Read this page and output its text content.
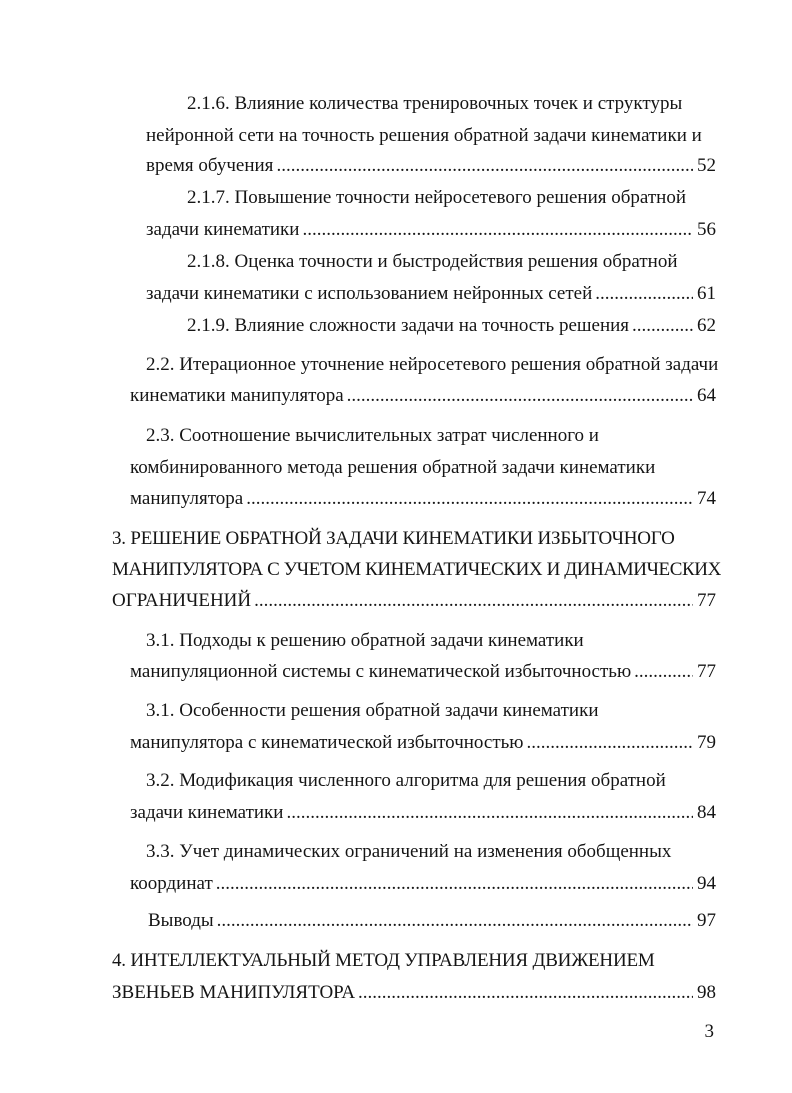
2.1.6. Влияние количества тренировочных точек и структуры
нейронной сети на точность решения обратной задачи кинематики и
время обучения .....	52
2.1.7. Повышение точности нейросетевого решения обратной
задачи кинематики .....	56
2.1.8. Оценка точности и быстродействия решения обратной
задачи кинематики с использованием нейронных сетей .....	61
2.1.9. Влияние сложности задачи на точность решения .....	62
2.2. Итерационное уточнение нейросетевого решения обратной задачи
кинематики манипулятора .....	64
2.3. Соотношение вычислительных затрат численного и
комбинированного метода решения обратной задачи кинематики
манипулятора .....	74
3. РЕШЕНИЕ ОБРАТНОЙ ЗАДАЧИ КИНЕМАТИКИ ИЗБЫТОЧНОГО
МАНИПУЛЯТОРА С УЧЕТОМ КИНЕМАТИЧЕСКИХ И ДИНАМИЧЕСКИХ
ОГРАНИЧЕНИЙ .....	77
3.1. Подходы к решению обратной задачи кинематики
манипуляционной системы с кинематической избыточностью .....	77
3.1. Особенности решения обратной задачи кинематики
манипулятора с кинематической избыточностью .....	79
3.2. Модификация численного алгоритма для решения обратной
задачи кинематики .....	84
3.3. Учет динамических ограничений на изменения обобщенных
координат .....	94
Выводы .....	97
4. ИНТЕЛЛЕКТУАЛЬНЫЙ МЕТОД УПРАВЛЕНИЯ ДВИЖЕНИЕМ
ЗВЕНЬЕВ МАНИПУЛЯТОРА .....	98
3
